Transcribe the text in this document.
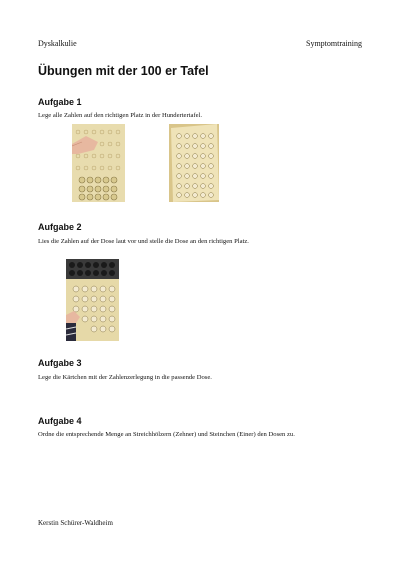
Dyskalkulie	Symptomtraining
Übungen mit der 100 er Tafel
Aufgabe 1
Lege alle Zahlen auf den richtigen Platz in der Hundertertafel.
Aufgabe 2
Lies die Zahlen auf der Dose laut vor und stelle die Dose an den richtigen Platz.
Aufgabe 3
Lege die Kärtchen mit der Zahlenzerlegung in die passende Dose.
Aufgabe 4
Ordne die entsprechende Menge an Streichhölzern (Zehner) und Steinchen (Einer) den Dosen zu.
Kerstin Schürer-Waldheim
